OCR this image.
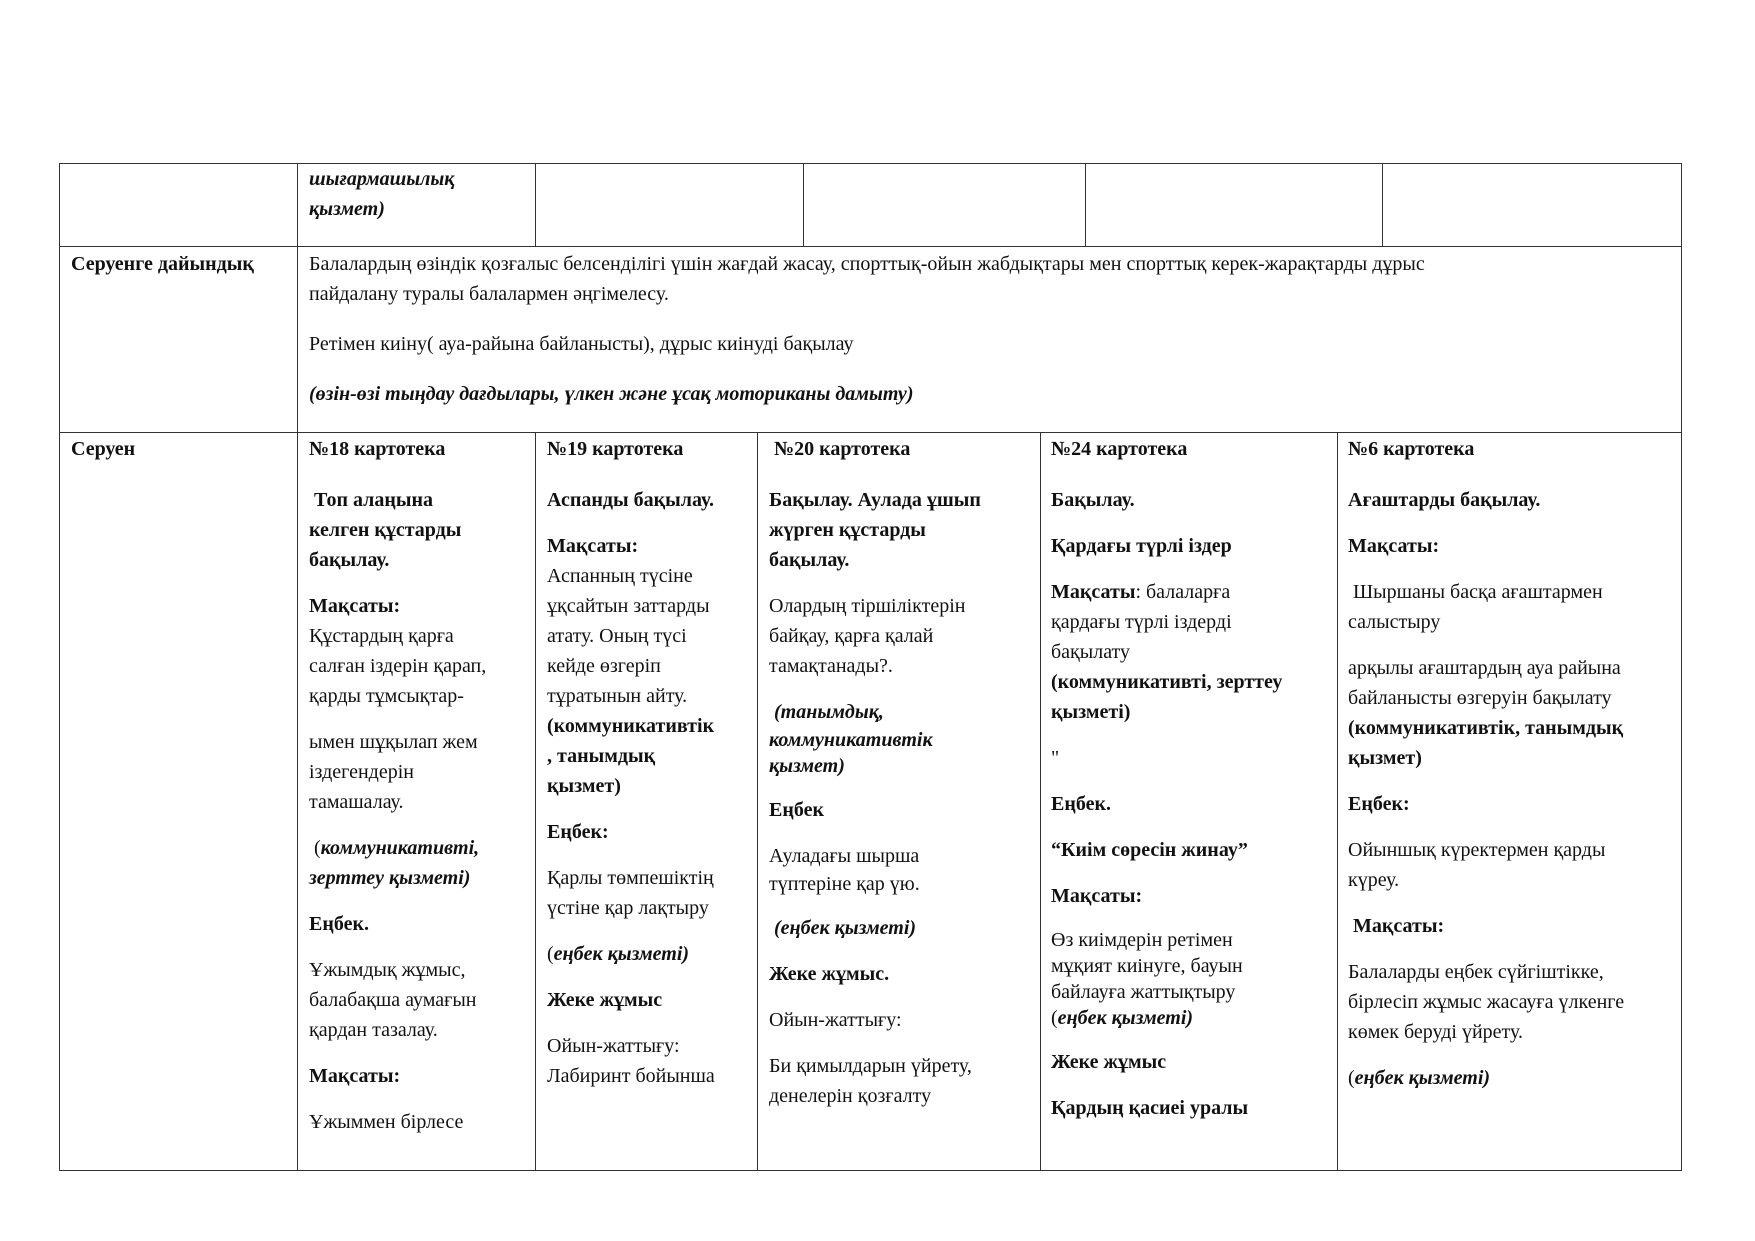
шығармашылық

қызмет)

Серуенге дайындық	Балалардың өзіндік қозғалыс белсенділігі үшін жағдай жасау, спорттық-ойын жабдықтары мен спорттық керек-жарақтарды дұрыс

пайдалану туралы балалармен әңгімелесу.

Ретімен киіну( ауа-райына байланысты), дұрыс киінуді бақылау

(өзін-өзі тыңдау дағдылары, үлкен және ұсақ моториканы дамыту)

Серуен	№18 картотека

Топ алаңына

келген құстарды

бақылау.

Мақсаты:

Құстардың қарға

салған іздерін қарап,

қарды тұмсықтар-

ымен шұқылап жем

іздегендерін

тамашалау.

(коммуникативті,

зерттеу қызметі)

Еңбек.

Ұжымдық жұмыс,

балабақша аумағын

қардан тазалау.

Мақсаты:

Ұжыммен бірлесе

№19 картотека

Аспанды бақылау.

Мақсаты:

Аспанның түсіне

ұқсайтын заттарды

атату. Оның түсі

кейде өзгеріп

тұратынын айту.

(коммуникативтік

, танымдық

қызмет)

Еңбек:

Қарлы төмпешіктің

үстіне қар лақтыру

(еңбек қызметі)

Жеке жұмыс

Ойын-жаттығу:

Лабиринт бойынша

№20 картотека

Бақылау. Аулада ұшып

жүрген құстарды

бақылау.

Олардың тіршіліктерін

байқау, қарға қалай

тамақтанады?.

(танымдық,

коммуникативтік

қызмет)

Еңбек

Ауладағы шырша

түптеріне қар үю.

(еңбек қызметі)

Жеке жұмыс.

Ойын-жаттығу:

Би қимылдарын үйрету,

денелерін қозғалту

№24 картотека

Бақылау.

Қардағы түрлі іздер

Мақсаты: балаларға

қардағы түрлі іздерді

бақылату

(коммуникативті, зерттеу

қызметі)

"

Еңбек.

“Киім сөресін жинау”

Мақсаты:

Өз киімдерін ретімен

мұқият киінуге, бауын

байлауға жаттықтыру

(еңбек қызметі)

Жеке жұмыс

Қардың қасиеі уралы

№6 картотека

Ағаштарды бақылау.

Мақсаты:

Шыршаны басқа ағаштармен

салыстыру

арқылы ағаштардың ауа райына

байланысты өзгеруін бақылату

(коммуникативтік, танымдық

қызмет)

Еңбек:

Ойыншық күректермен қарды

күреу.

Мақсаты:

Балаларды еңбек сүйгіштікке,

бірлесіп жұмыс жасауға үлкенге

көмек беруді үйрету.

(еңбек қызметі)
